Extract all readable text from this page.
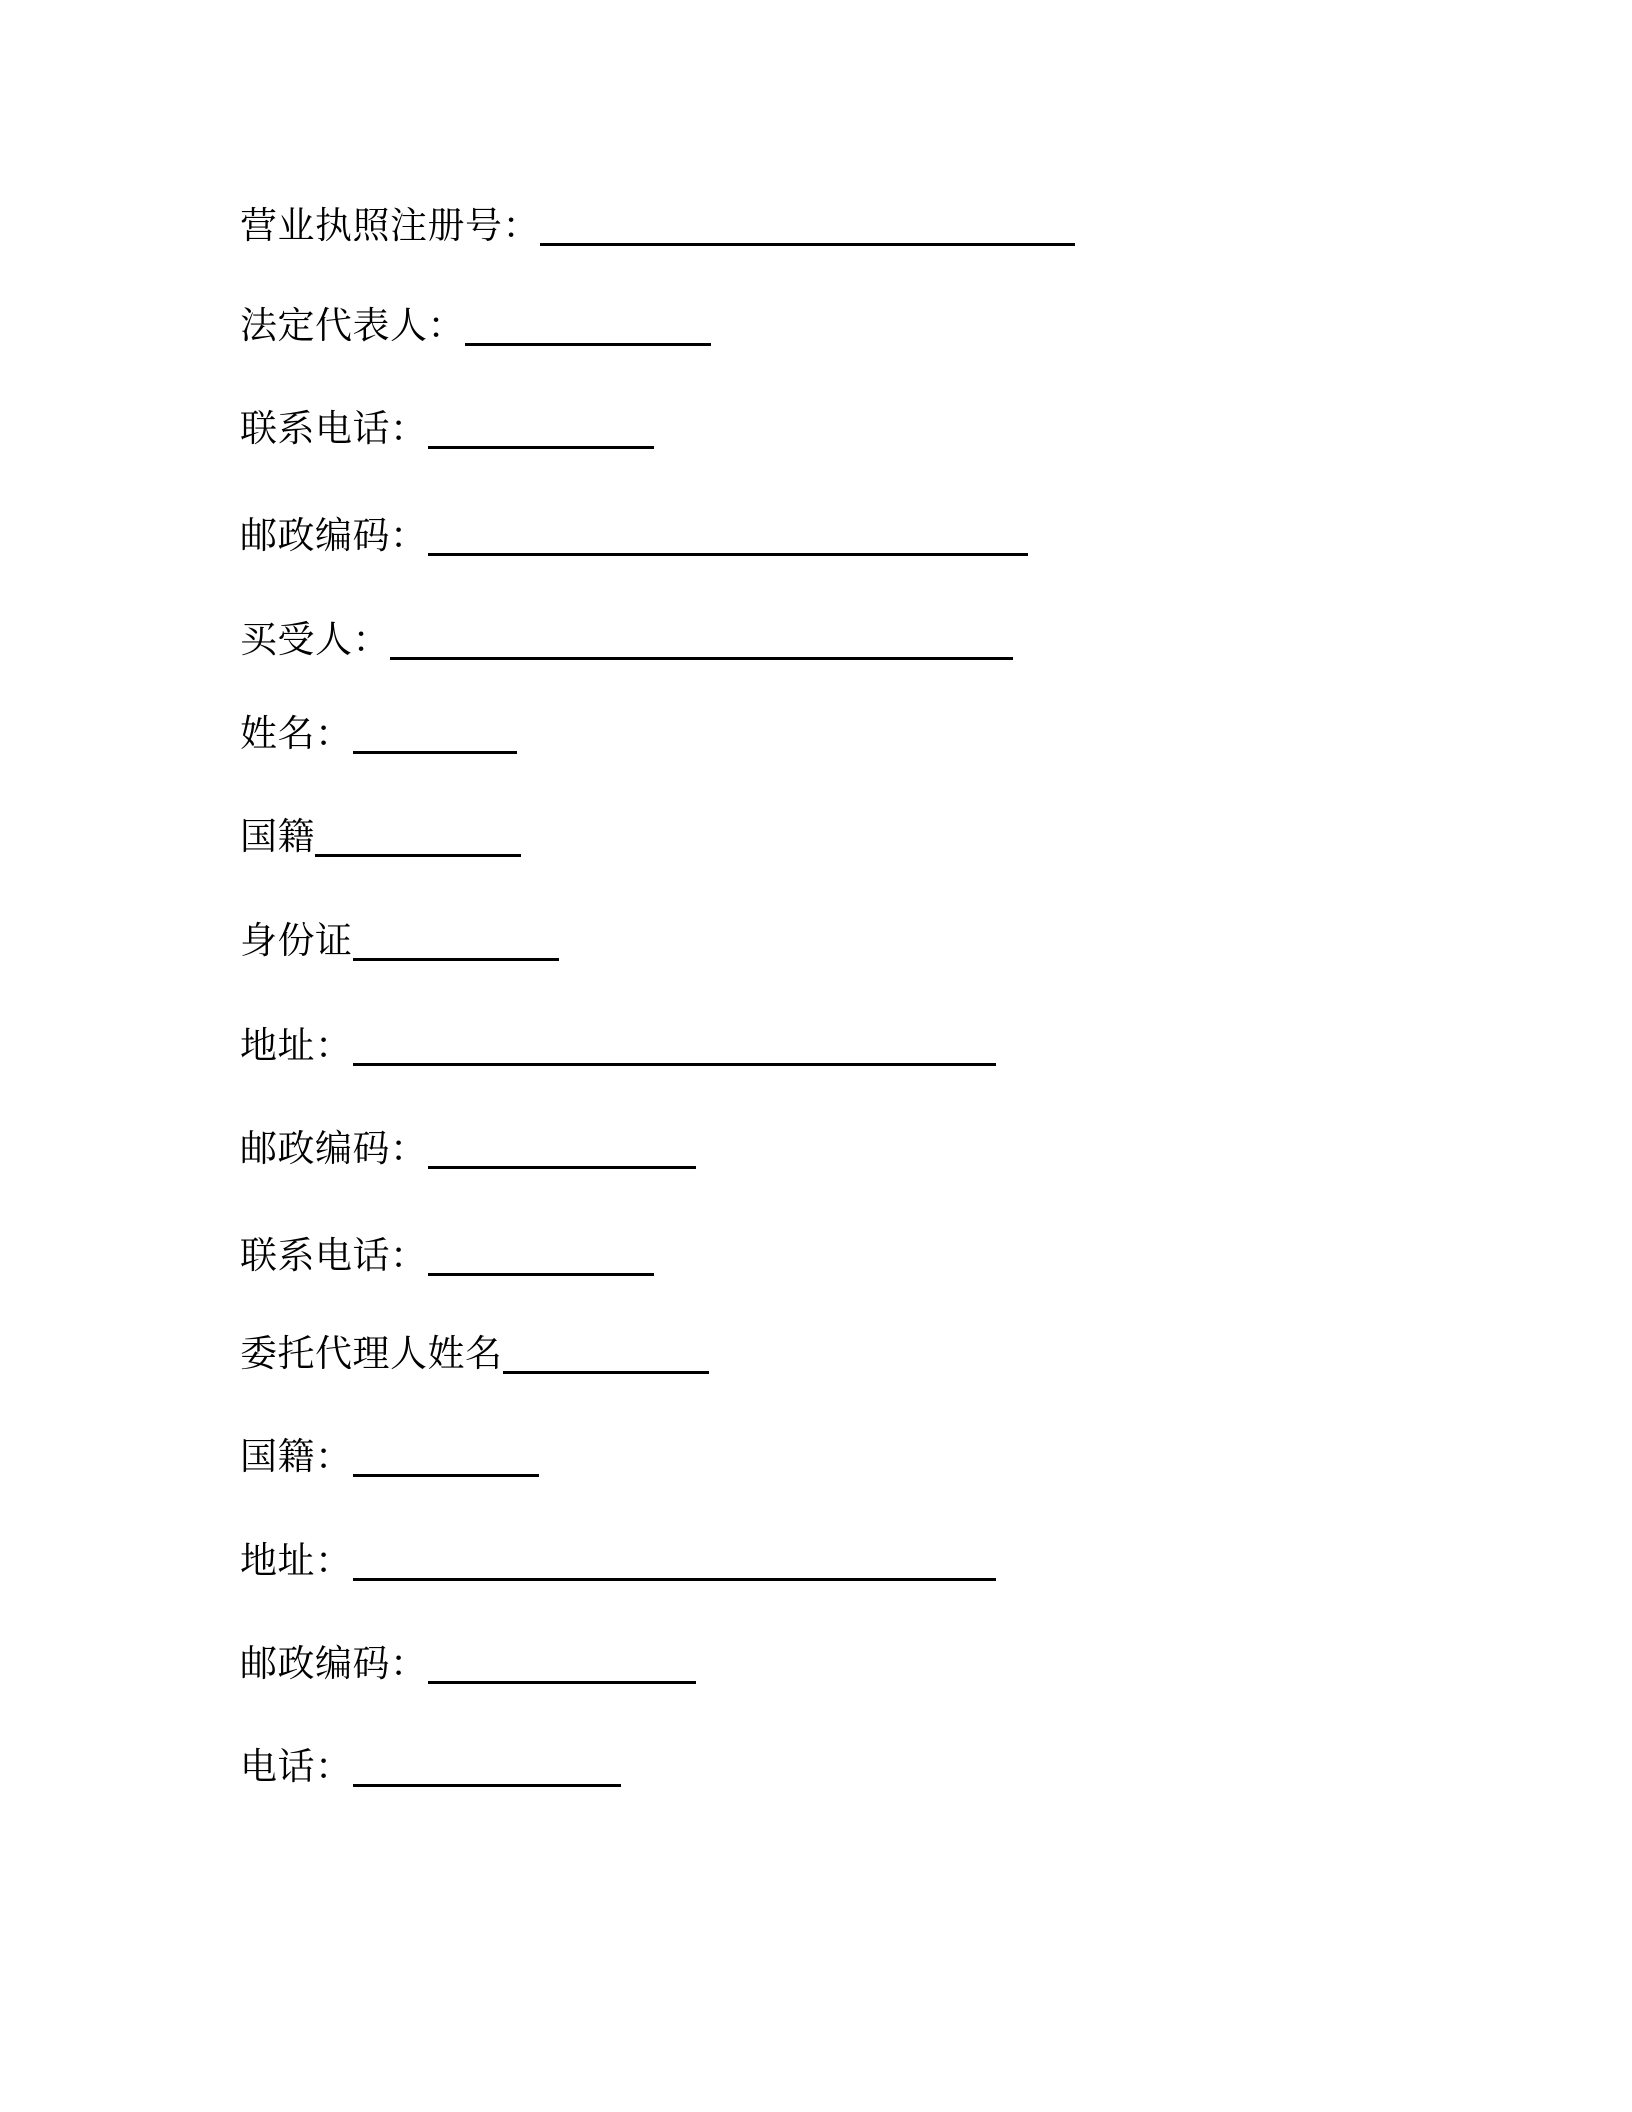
营业执照注册号：
法定代表人：
联系电话：
邮政编码：
买受人：
姓名：
国籍
身份证
地址：
邮政编码：
联系电话：
委托代理人姓名
国籍：
地址：
邮政编码：
电话：
